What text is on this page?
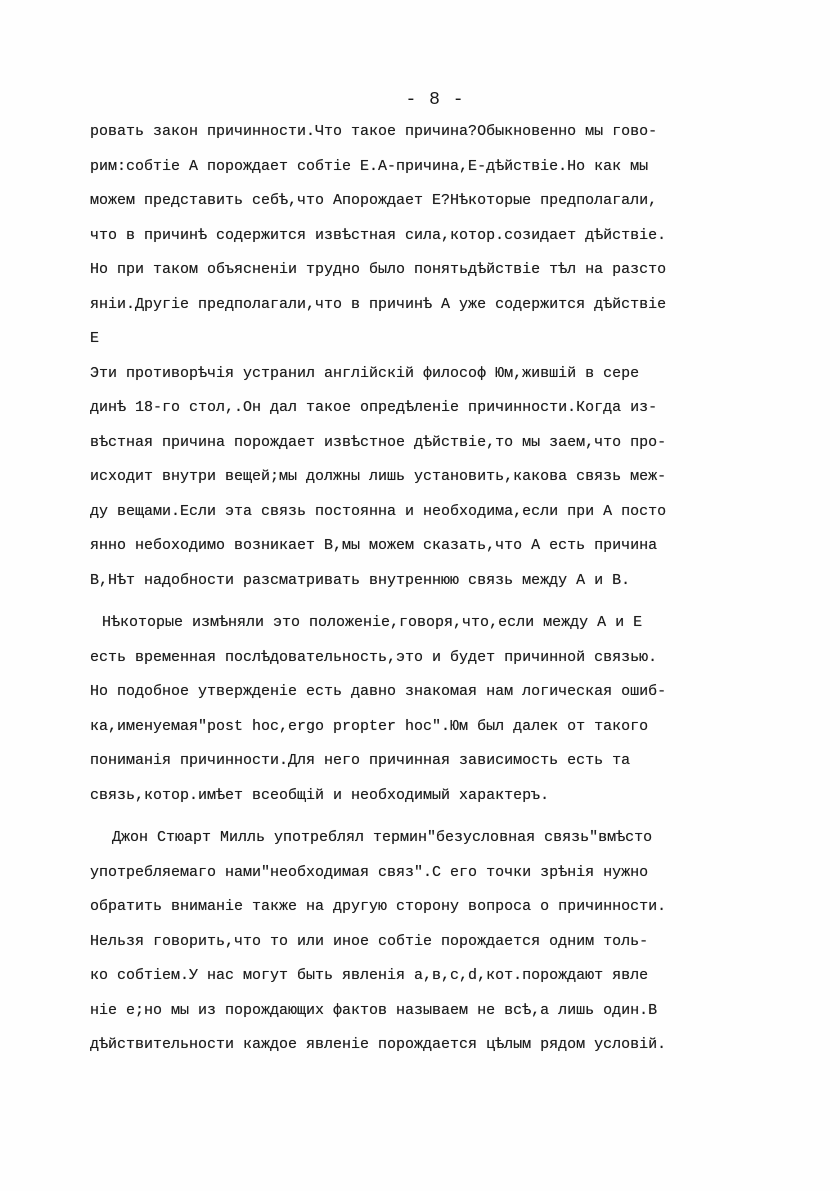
- 8 -
ровать закон причинности.Что такое причина?Обыкновенно мы гово-
рим:собтіе А порождает собтіе Е.А-причина,Е-дѣйствіе.Но как мы
можем представить себѣ,что Апорождает Е?Нѣкоторые предполагали,
что в причинѣ содержится извѣстная сила,котор.созидает дѣйствіе.
Но при таком объясненіи трудно было понятьдѣйствіе тѣл на разсто
яніи.Другіе предполагали,что в причинѣ А уже содержится дѣйствіе
Е
Эти противорѣчія устранил англійскій философ Юм,жившій в сере
динѣ 18-го стол,.Он дал такое опредѣленіе причинности.Когда из-
вѣстная причина порождает извѣстное дѣйствіе,то мы заем,что про-
исходит внутри вещей;мы должны лишь установить,какова связь меж-
ду вещами.Если эта связь постоянна и необходима,если при А посто
янно небоходимо возникает В,мы можем сказать,что А есть причина
В,Нѣт надобности разсматривать внутреннюю связь между А и В.
Нѣкоторые измѣняли это положеніе,говоря,что,если между А и Е
есть временная послѣдовательность,это и будет причинной связью.
Но подобное утвержденіе есть давно знакомая нам логическая ошиб-
ка,именуемая"post hoc,ergo propter hoc".Юм был далек от такого
пониманія причинности.Для него причинная зависимость есть та
связь,котор.имѣет всеобщій и необходимый характеръ.
Джон Стюарт Милль употреблял термин"безусловная связь"вмѣсто
употребляемаго нами"необходимая связ".С его точки зрѣнія нужно
обратить вниманіе также на другую сторону вопроса о причинности.
Нельзя говорить,что то или иное собтіе порождается одним толь-
ко собтіем.У нас могут быть явленія а,в,с,d,кот.порождают явле
ніе е;но мы из порождающих фактов называем не всѣ,а лишь один.В
дѣйствительности каждое явленіе порождается цѣлым рядом условій.
